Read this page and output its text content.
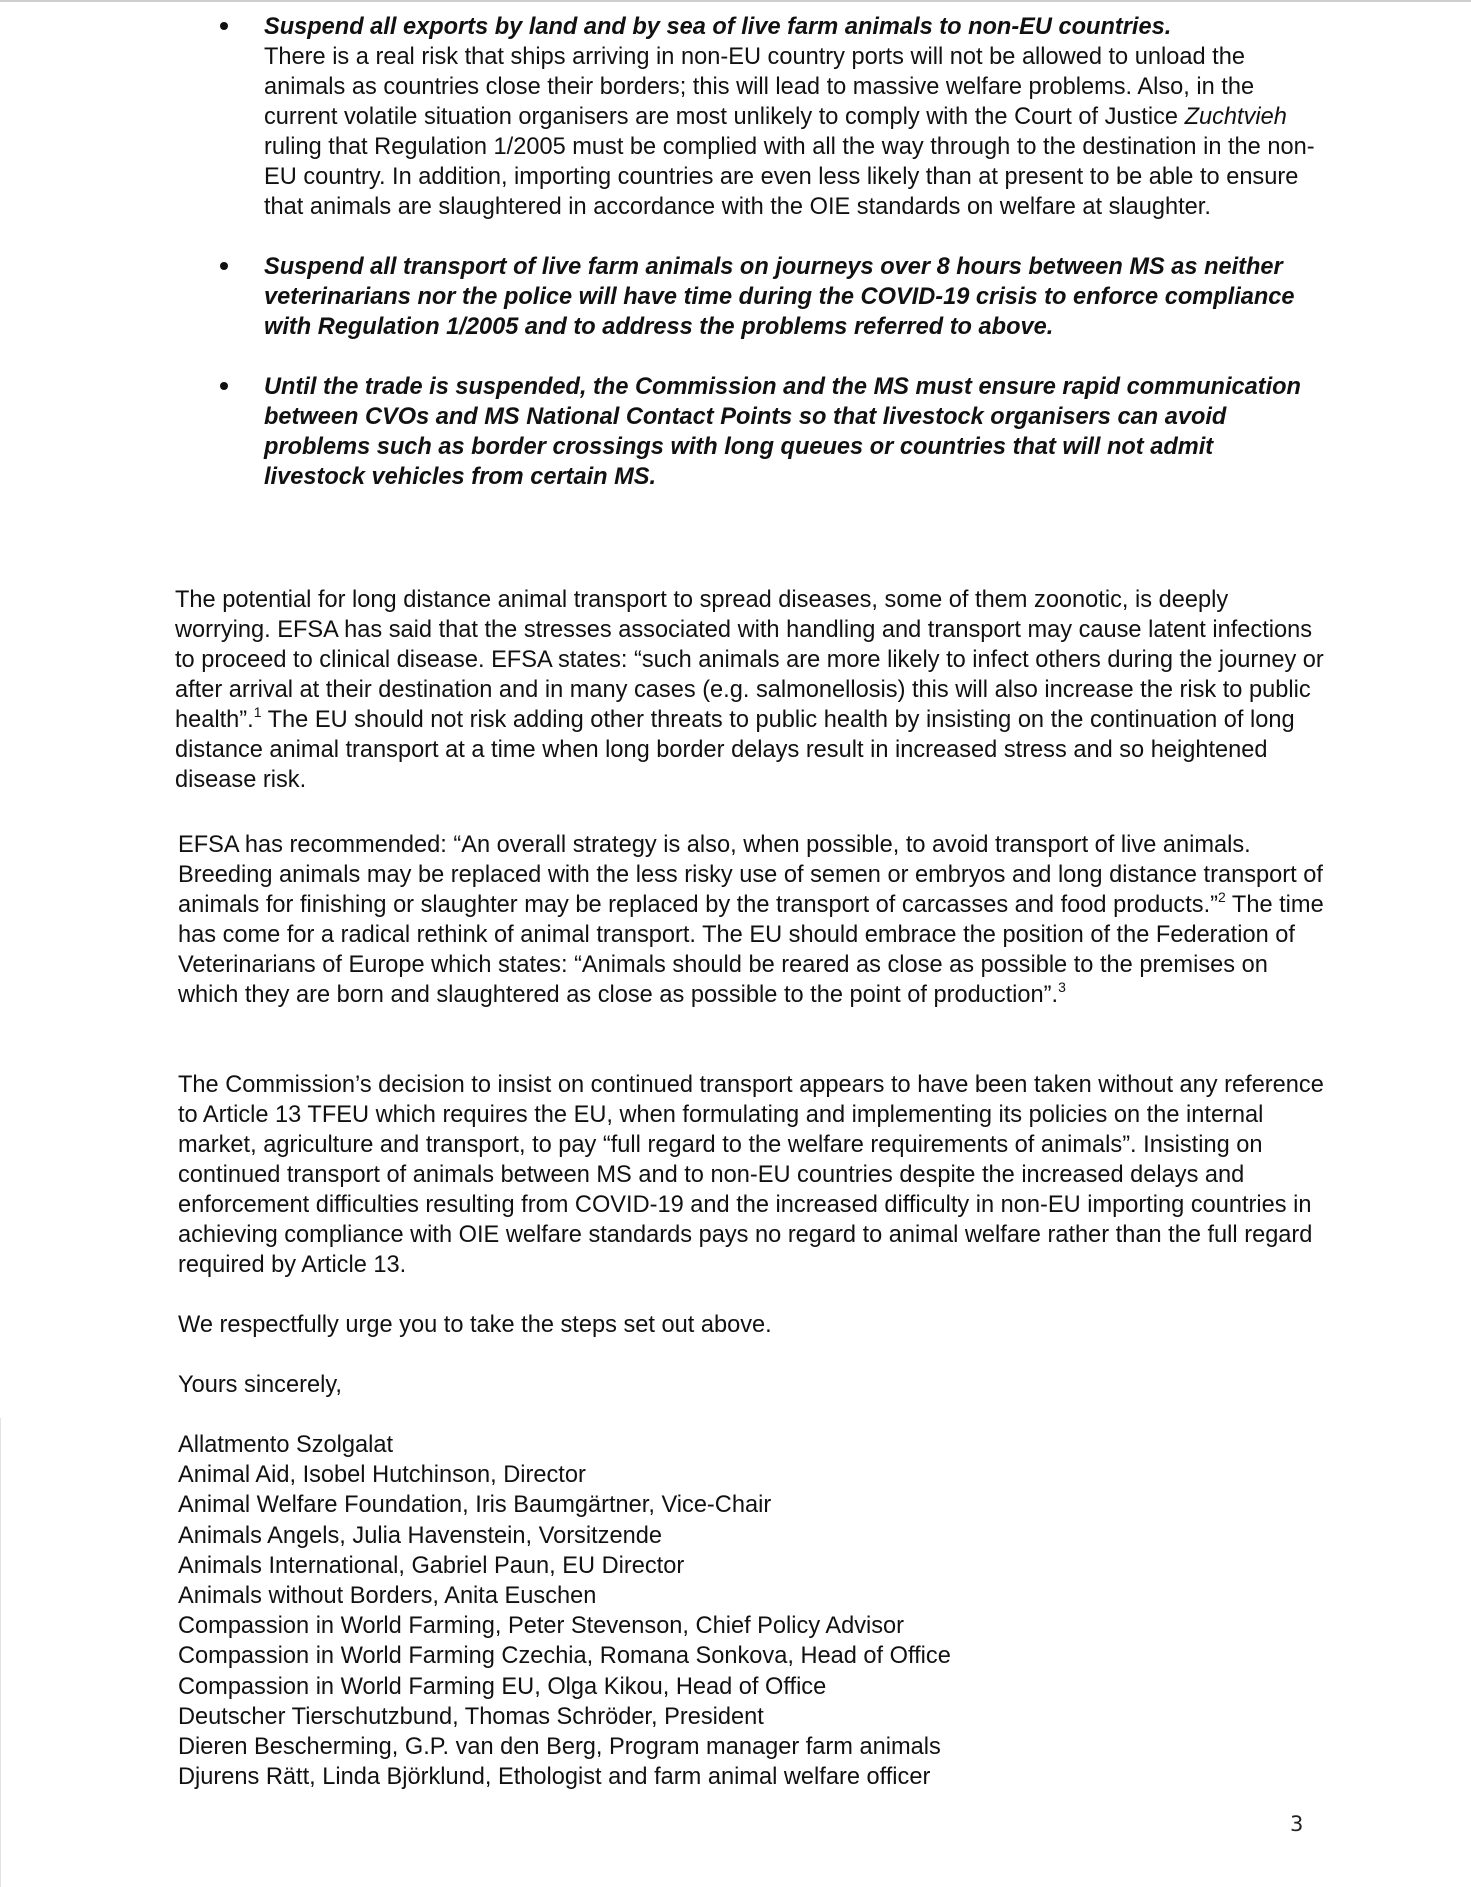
Suspend all exports by land and by sea of live farm animals to non-EU countries.
There is a real risk that ships arriving in non-EU country ports will not be allowed to unload the animals as countries close their borders; this will lead to massive welfare problems. Also, in the current volatile situation organisers are most unlikely to comply with the Court of Justice Zuchtvieh ruling that Regulation 1/2005 must be complied with all the way through to the destination in the non-EU country. In addition, importing countries are even less likely than at present to be able to ensure that animals are slaughtered in accordance with the OIE standards on welfare at slaughter.
Suspend all transport of live farm animals on journeys over 8 hours between MS as neither veterinarians nor the police will have time during the COVID-19 crisis to enforce compliance with Regulation 1/2005 and to address the problems referred to above.
Until the trade is suspended, the Commission and the MS must ensure rapid communication between CVOs and MS National Contact Points so that livestock organisers can avoid problems such as border crossings with long queues or countries that will not admit livestock vehicles from certain MS.
The potential for long distance animal transport to spread diseases, some of them zoonotic, is deeply worrying. EFSA has said that the stresses associated with handling and transport may cause latent infections to proceed to clinical disease. EFSA states: “such animals are more likely to infect others during the journey or after arrival at their destination and in many cases (e.g. salmonellosis) this will also increase the risk to public health”.$^1$ The EU should not risk adding other threats to public health by insisting on the continuation of long distance animal transport at a time when long border delays result in increased stress and so heightened disease risk.
EFSA has recommended: “An overall strategy is also, when possible, to avoid transport of live animals. Breeding animals may be replaced with the less risky use of semen or embryos and long distance transport of animals for finishing or slaughter may be replaced by the transport of carcasses and food products.”$^2$ The time has come for a radical rethink of animal transport. The EU should embrace the position of the Federation of Veterinarians of Europe which states: “Animals should be reared as close as possible to the premises on which they are born and slaughtered as close as possible to the point of production”.$^3$
The Commission’s decision to insist on continued transport appears to have been taken without any reference to Article 13 TFEU which requires the EU, when formulating and implementing its policies on the internal market, agriculture and transport, to pay “full regard to the welfare requirements of animals”. Insisting on continued transport of animals between MS and to non-EU countries despite the increased delays and enforcement difficulties resulting from COVID-19 and the increased difficulty in non-EU importing countries in achieving compliance with OIE welfare standards pays no regard to animal welfare rather than the full regard required by Article 13.
We respectfully urge you to take the steps set out above.
Yours sincerely,
Allatmento Szolgalat
Animal Aid, Isobel Hutchinson, Director
Animal Welfare Foundation, Iris Baumgärtner, Vice-Chair
Animals Angels, Julia Havenstein, Vorsitzende
Animals International, Gabriel Paun, EU Director
Animals without Borders, Anita Euschen
Compassion in World Farming, Peter Stevenson, Chief Policy Advisor
Compassion in World Farming Czechia, Romana Sonkova, Head of Office
Compassion in World Farming EU, Olga Kikou, Head of Office
Deutscher Tierschutzbund, Thomas Schröder, President
Dieren Bescherming, G.P. van den Berg, Program manager farm animals
Djurens Rätt, Linda Björklund, Ethologist and farm animal welfare officer
3
